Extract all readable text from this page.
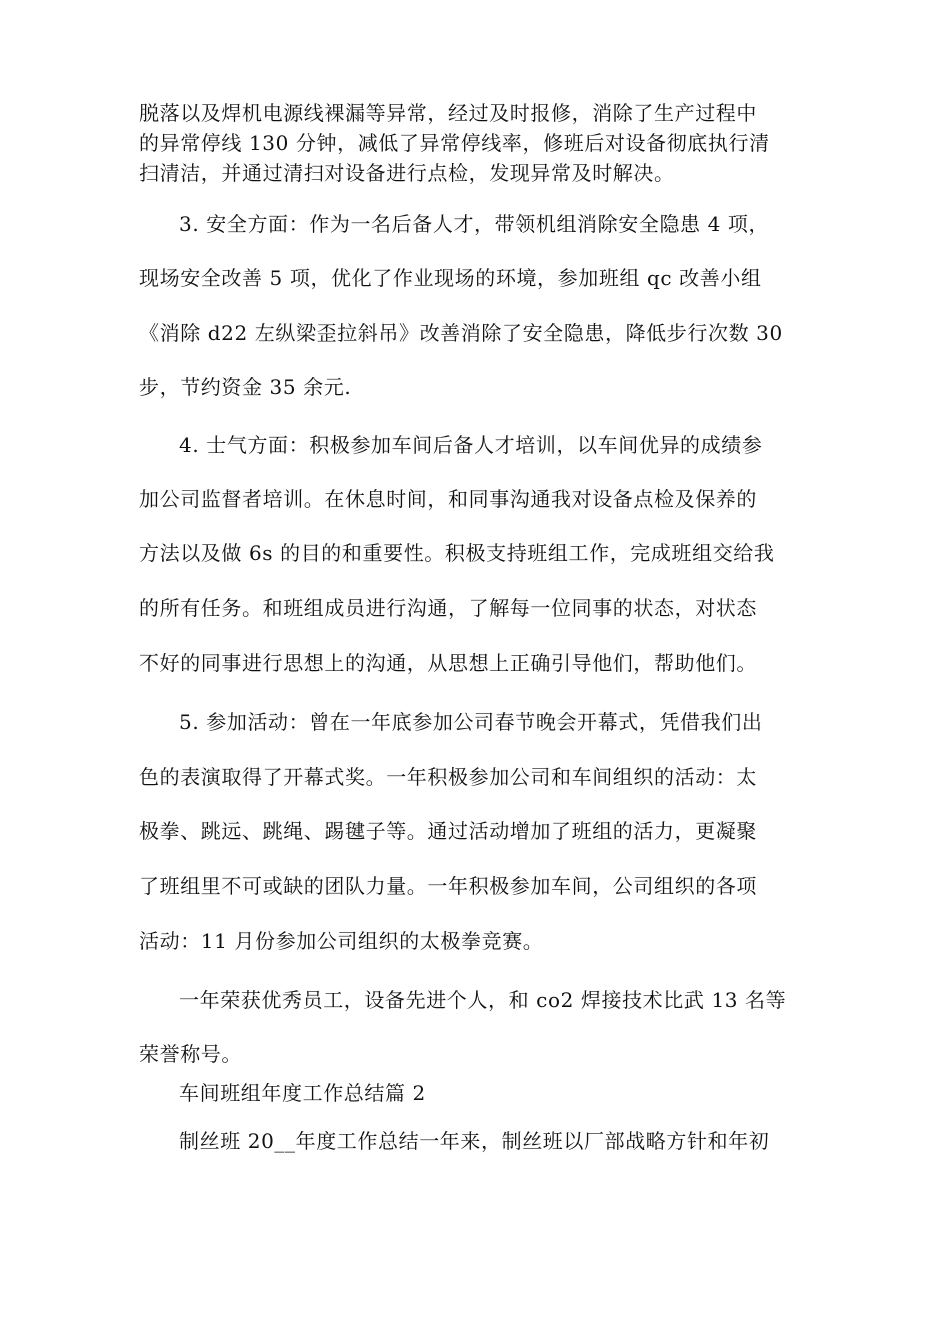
脱落以及焊机电源线裸漏等异常，经过及时报修，消除了生产过程中
的异常停线 130 分钟，减低了异常停线率，修班后对设备彻底执行清
扫清洁，并通过清扫对设备进行点检，发现异常及时解决。
3. 安全方面：作为一名后备人才，带领机组消除安全隐患 4 项，
现场安全改善 5 项，优化了作业现场的环境，参加班组 qc 改善小组
《消除 d22 左纵梁歪拉斜吊》改善消除了安全隐患，降低步行次数 30
步，节约资金 35 余元.
4. 士气方面：积极参加车间后备人才培训，以车间优异的成绩参
加公司监督者培训。在休息时间，和同事沟通我对设备点检及保养的
方法以及做 6s 的目的和重要性。积极支持班组工作，完成班组交给我
的所有任务。和班组成员进行沟通，了解每一位同事的状态，对状态
不好的同事进行思想上的沟通，从思想上正确引导他们，帮助他们。
5. 参加活动：曾在一年底参加公司春节晚会开幕式，凭借我们出
色的表演取得了开幕式奖。一年积极参加公司和车间组织的活动：太
极拳、跳远、跳绳、踢毽子等。通过活动增加了班组的活力，更凝聚
了班组里不可或缺的团队力量。一年积极参加车间，公司组织的各项
活动：11 月份参加公司组织的太极拳竞赛。
一年荣获优秀员工，设备先进个人，和 co2 焊接技术比武 13 名等
荣誉称号。
车间班组年度工作总结篇 2
制丝班 20__年度工作总结一年来，制丝班以厂部战略方针和年初
